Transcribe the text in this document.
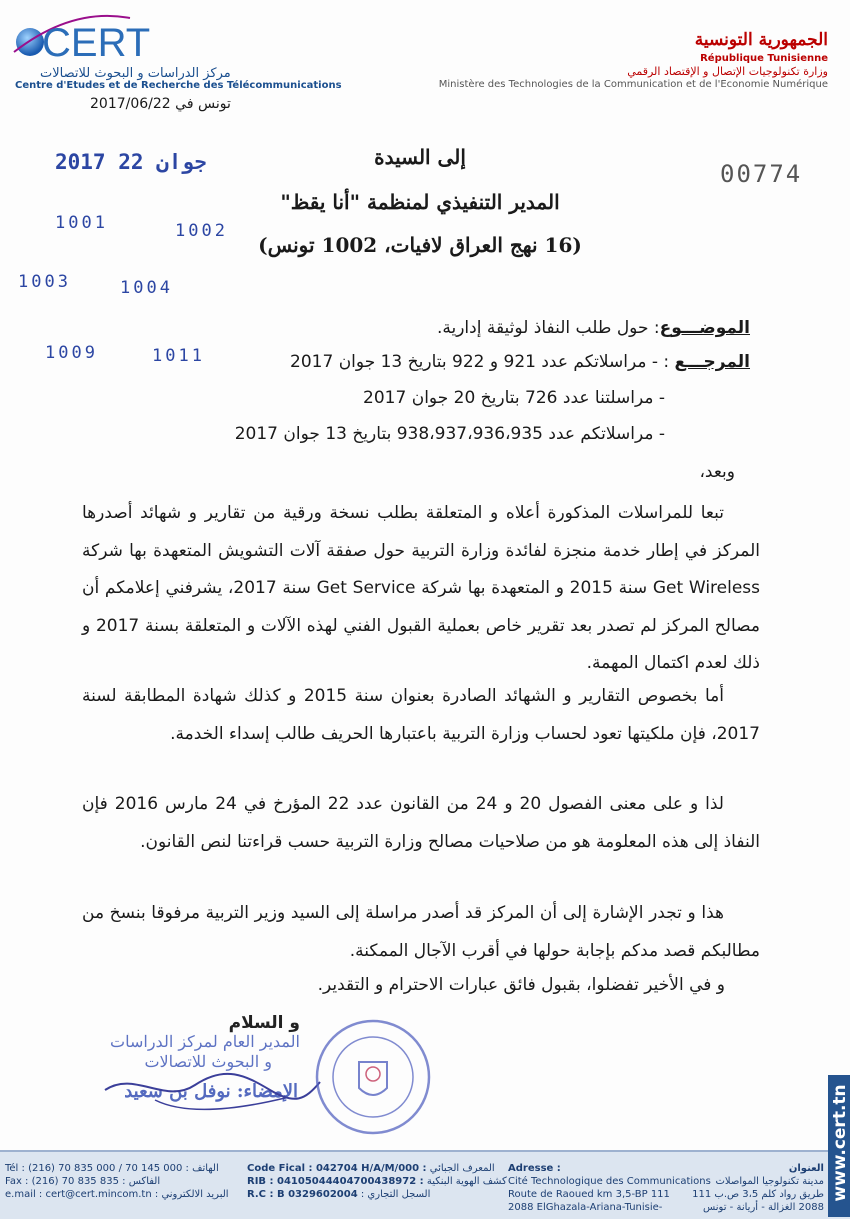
CERT
مركز الدراسات و البحوث للاتصالات
Centre d'Etudes et de Recherche des Télécommunications
تونس في 2017/06/22
الجمهورية التونسية
République Tunisienne
وزارة تكنولوجيات الإتصال و الإقتصاد الرقمي
Ministère des Technologies de la Communication et de l'Economie Numérique
2017 جوان 22	00774
1001	1002
1003	1004
1009	1011
إلى السيدة
المدير التنفيذي لمنظمة "أنا يقظ"
(16 نهج العراق لافيات، 1002 تونس)
الموضـــوع: حول طلب النفاذ لوثيقة إدارية.
المرجـــع : - مراسلاتكم عدد 921 و 922 بتاريخ 13 جوان 2017
- مراسلتنا عدد 726 بتاريخ 20 جوان 2017
- مراسلاتكم عدد 938،937،936،935 بتاريخ 13 جوان 2017
وبعد،
تبعا للمراسلات المذكورة أعلاه و المتعلقة بطلب نسخة ورقية من تقارير و شهائد أصدرها المركز في إطار خدمة منجزة لفائدة وزارة التربية حول صفقة آلات التشويش المتعهدة بها شركة Get Wireless سنة 2015 و المتعهدة بها شركة Get Service سنة 2017، يشرفني إعلامكم أن مصالح المركز لم تصدر بعد تقرير خاص بعملية القبول الفني لهذه الآلات و المتعلقة بسنة 2017 و ذلك لعدم اكتمال المهمة.
أما بخصوص التقارير و الشهائد الصادرة بعنوان سنة 2015 و كذلك شهادة المطابقة لسنة 2017، فإن ملكيتها تعود لحساب وزارة التربية باعتبارها الحريف طالب إسداء الخدمة.
لذا و على معنى الفصول 20 و 24 من القانون عدد 22 المؤرخ في 24 مارس 2016 فإن النفاذ إلى هذه المعلومة هو من صلاحيات مصالح وزارة التربية حسب قراءتنا لنص القانون.
هذا و تجدر الإشارة إلى أن المركز قد أصدر مراسلة إلى السيد وزير التربية مرفوقا بنسخ من مطالبكم قصد مدكم بإجابة حولها في أقرب الآجال الممكنة.
و في الأخير تفضلوا، بقبول فائق عبارات الاحترام و التقدير.
و السلام
المدير العام لمركز الدراسات
و البحوث للاتصالات
الإمضاء: نوفل بن سعيد
Tél : (216) 70 835 000 / 70 145 000 : الهاتف
Fax : (216) 70 835 835 : الفاكس
e.mail : cert@cert.mincom.tn : البريد الالكتروني
Code Fical : 042704 H/A/M/000 : المعرف الجبائي
RIB : 04105044404700438972 : كشف الهوية البنكية
R.C : B 0329602004 : السجل التجاري
Adresse :
Cité Technologique des Communications
Route de Raoued km 3,5-BP 111
2088 ElGhazala-Ariana-Tunisie-
العنوان
مدينة تكنولوجيا المواصلات
طريق رواد كلم 3،5 ص.ب 111
2088 الغزالة - أريانة - تونس
www.cert.tn
